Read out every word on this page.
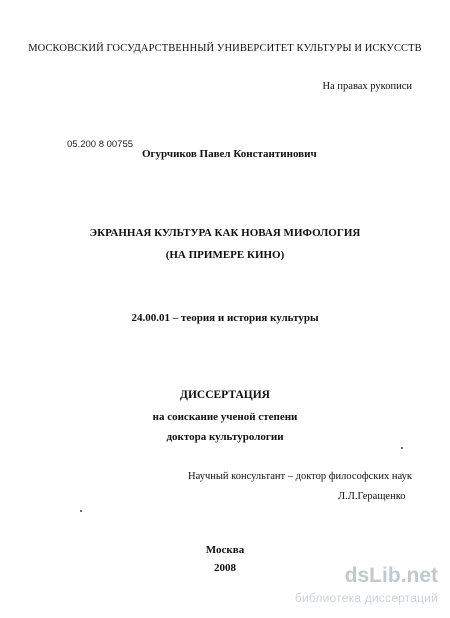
МОСКОВСКИЙ ГОСУДАРСТВЕННЫЙ УНИВЕРСИТЕТ КУЛЬТУРЫ И ИСКУССТВ
На правах рукописи
05.200 8 00755
Огурчиков Павел Константинович
ЭКРАННАЯ КУЛЬТУРА КАК НОВАЯ МИФОЛОГИЯ
(НА ПРИМЕРЕ КИНО)
24.00.01 – теория и история культуры
ДИССЕРТАЦИЯ
на соискание ученой степени
доктора культурологии
Научный консультант – доктор философских наук
Л.Л.Геращенко
Москва
2008	dsLib.net
библиотека диссертаций
